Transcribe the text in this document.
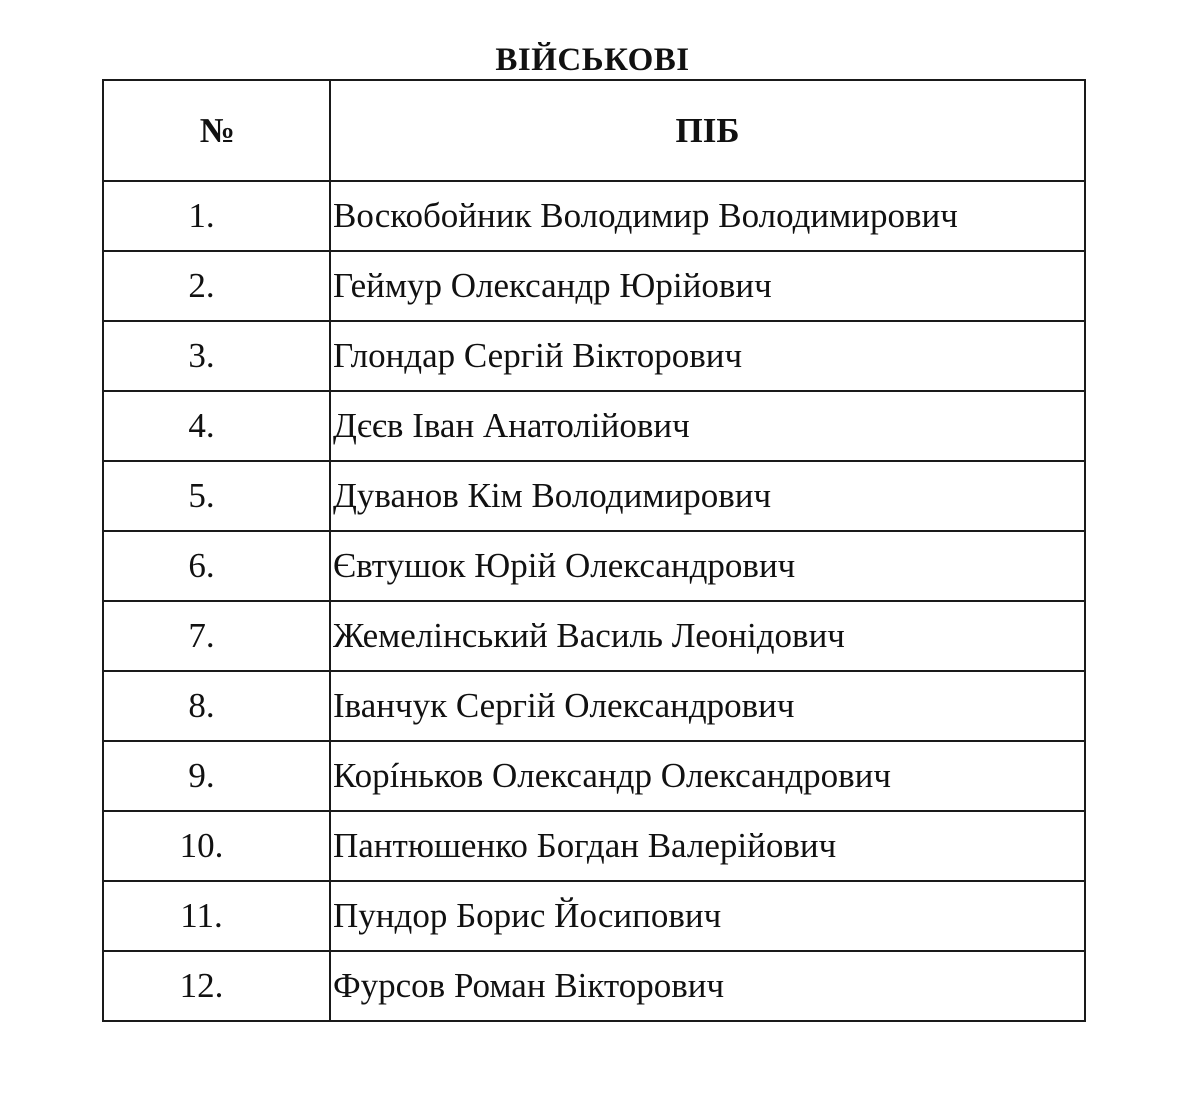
ВІЙСЬКОВІ
№	ПІБ
1.	Воскобойник Володимир Володимирович
2.	Геймур Олександр Юрійович
3.	Глондар Сергій Вікторович
4.	Дєєв Іван Анатолійович
5.	Дуванов Кім Володимирович
6.	Євтушок Юрій Олександрович
7.	Жемелінський Василь Леонідович
8.	Іванчук Сергій Олександрович
9.	Корíньков Олександр Олександрович
10.	Пантюшенко Богдан Валерійович
11.	Пундор Борис Йосипович
12.	Фурсов Роман Вікторович
